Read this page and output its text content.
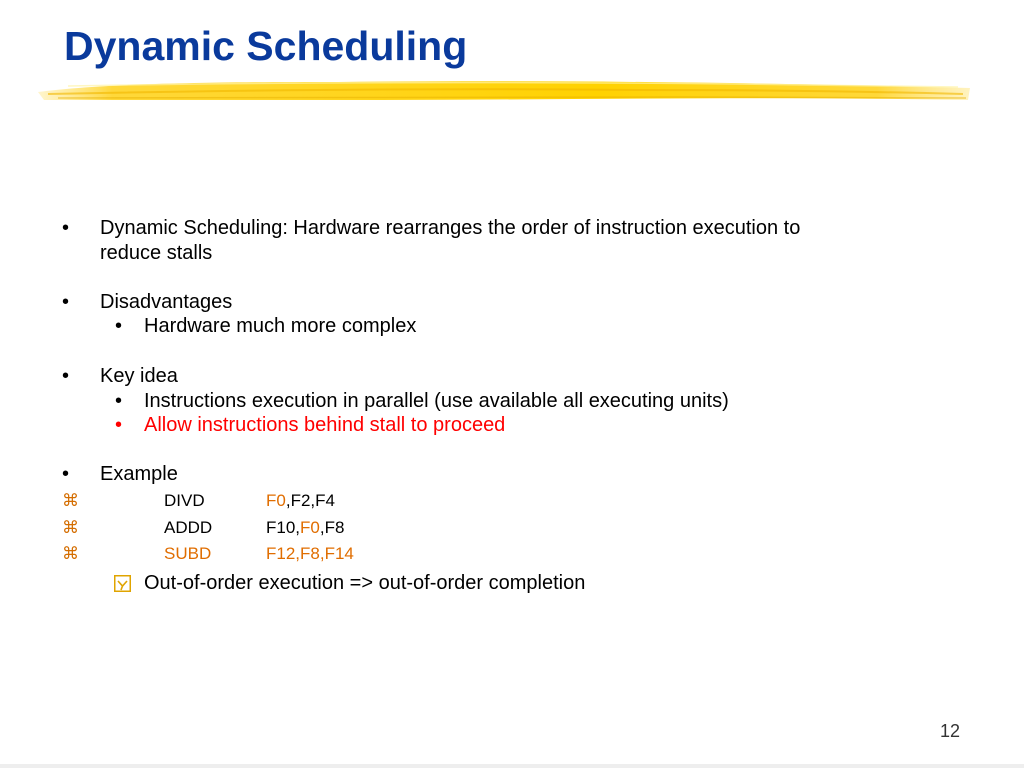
Dynamic Scheduling
• Dynamic Scheduling: Hardware rearranges the order of instruction execution to
reduce stalls
• Disadvantages
• Hardware much more complex
• Key idea
• Instructions execution in parallel (use available all executing units)
• Allow instructions behind stall to proceed
• Example
⌘	DIVD	F0,F2,F4
⌘	ADDD	F10,F0,F8
⌘	SUBD	F12,F8,F14
Out-of-order execution => out-of-order completion
12
